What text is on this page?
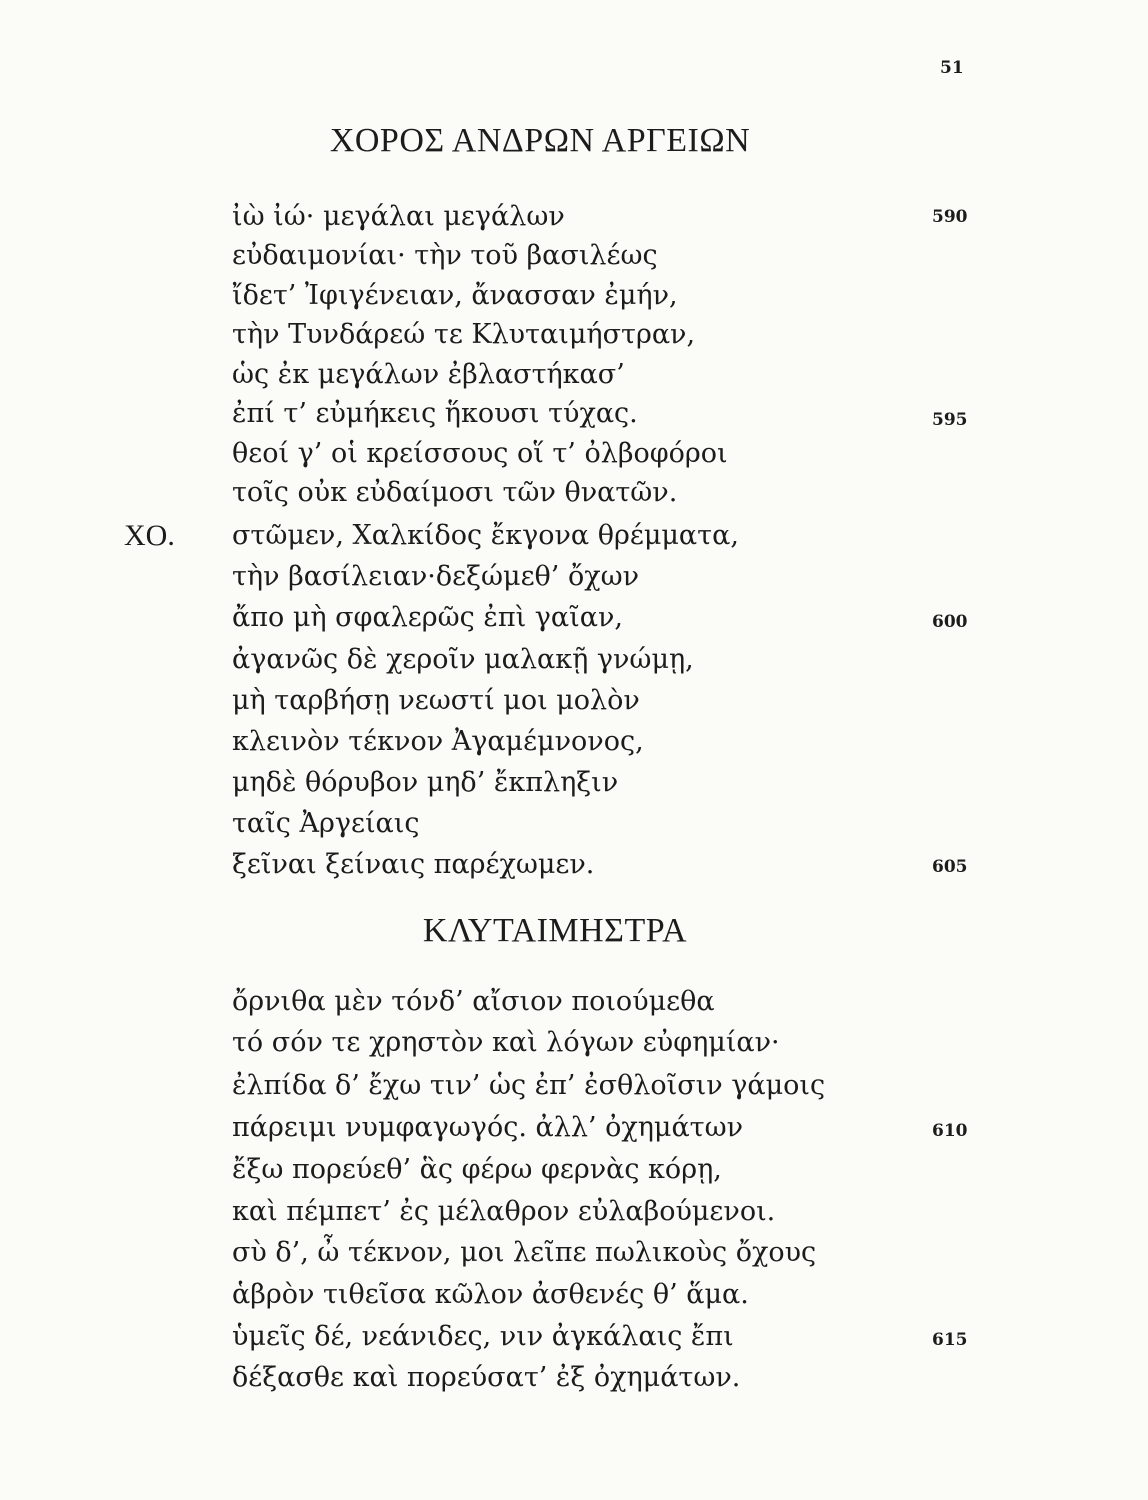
51
ΧΟΡΟΣ ΑΝΔΡΩΝ ΑΡΓΕΙΩΝ
ἰὼ ἰώ· μεγάλαι μεγάλων
εὐδαιμονίαι· τὴν τοῦ βασιλέως
ἴδετ’ Ἰφιγένειαν, ἄνασσαν ἐμήν,
τὴν Τυνδάρεώ τε Κλυταιμήστραν,
ὡς ἐκ μεγάλων ἐβλαστήκασ’
ἐπί τ’ εὐμήκεις ἥκουσι τύχας.
θεοί γ’ οἱ κρείσσους οἵ τ’ ὀλβοφόροι
τοῖς οὐκ εὐδαίμοσι τῶν θνατῶν.
ΧΟ. στῶμεν, Χαλκίδος ἔκγονα θρέμματα,
τὴν βασίλειαν·δεξώμεθ’ ὄχων
ἄπο μὴ σφαλερῶς ἐπὶ γαῖαν,
ἀγανῶς δὲ χεροῖν μαλακῇ γνώμῃ,
μὴ ταρβήσῃ νεωστί μοι μολὸν
κλεινὸν τέκνον Ἀγαμέμνονος,
μηδὲ θόρυβον μηδ’ ἔκπληξιν
ταῖς Ἀργείαις
ξεῖναι ξείναις παρέχωμεν.
590
595
600
605
ΚΛΥΤΑΙΜΗΣΤΡΑ
ὄρνιθα μὲν τόνδ’ αἴσιον ποιούμεθα
τό σόν τε χρηστὸν καὶ λόγων εὐφημίαν·
ἐλπίδα δ’ ἔχω τιν’ ὡς ἐπ’ ἐσθλοῖσιν γάμοις
πάρειμι νυμφαγωγός. ἀλλ’ ὀχημάτων
ἔξω πορεύεθ’ ἃς φέρω φερνὰς κόρῃ,
καὶ πέμπετ’ ἐς μέλαθρον εὐλαβούμενοι.
σὺ δ’, ὦ τέκνον, μοι λεῖπε πωλικοὺς ὄχους
ἁβρὸν τιθεῖσα κῶλον ἀσθενές θ’ ἅμα.
ὑμεῖς δέ, νεάνιδες, νιν ἀγκάλαις ἔπι
δέξασθε καὶ πορεύσατ’ ἐξ ὀχημάτων.
610
615
